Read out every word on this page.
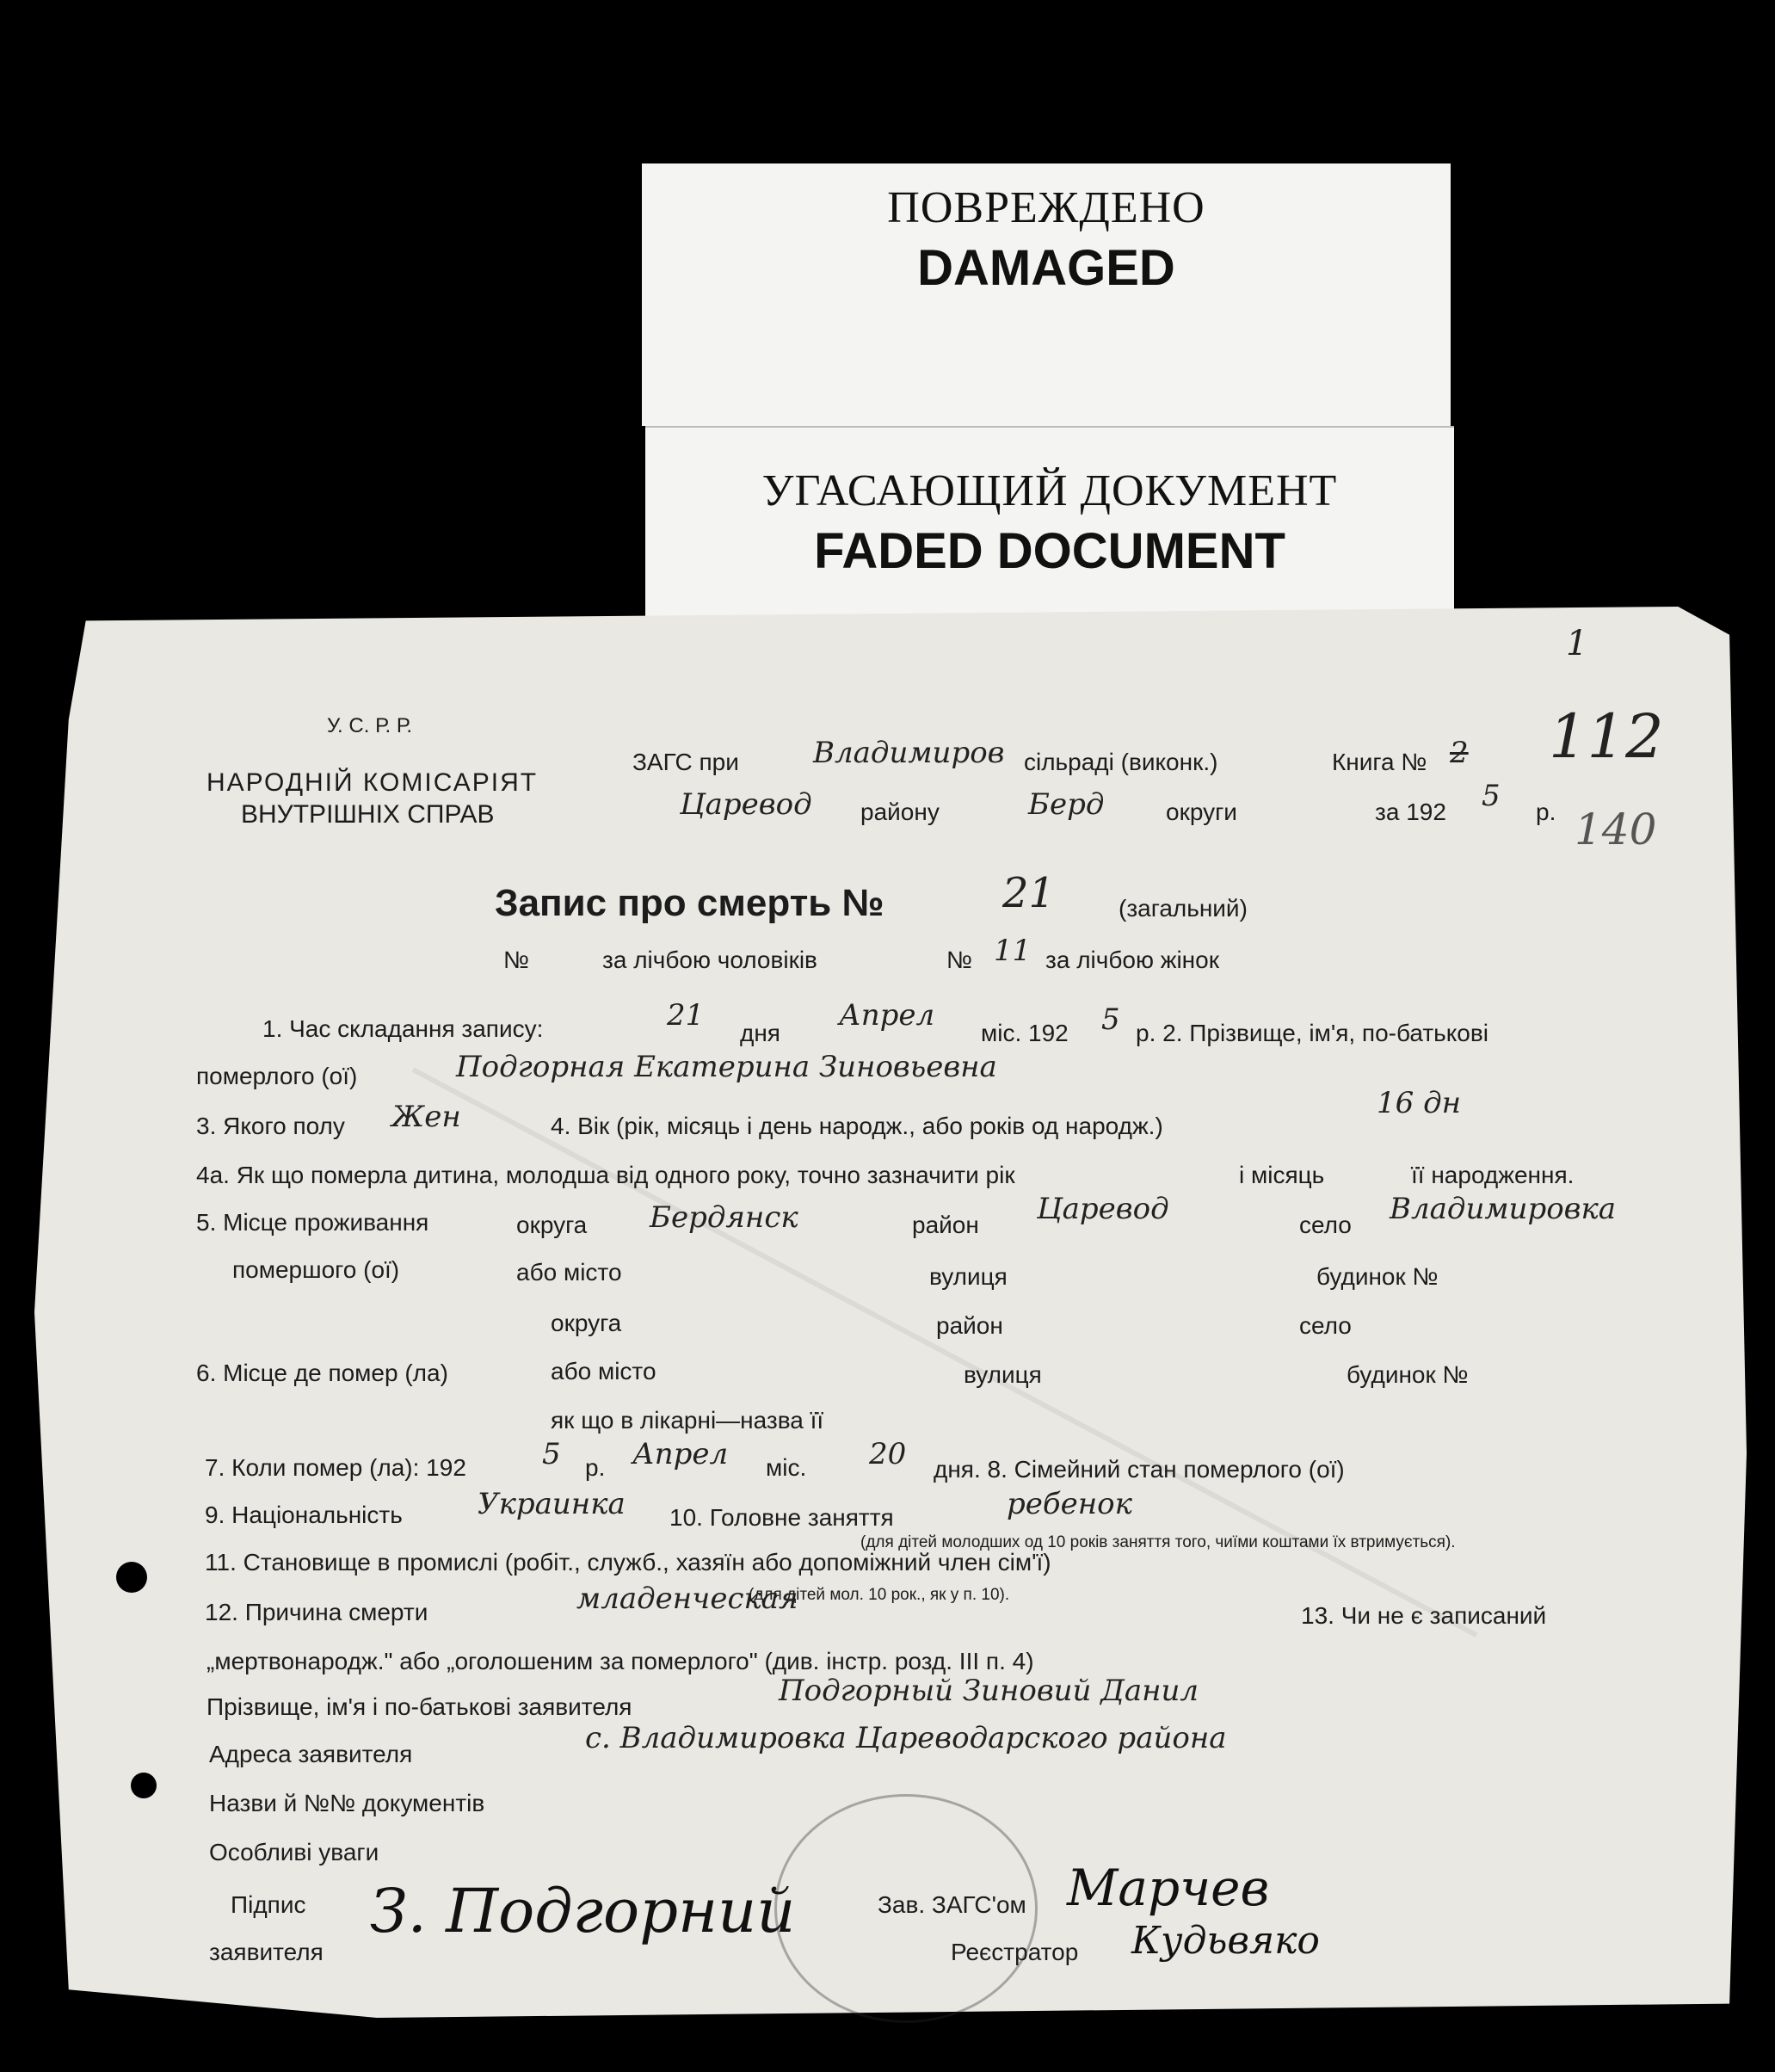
ПОВРЕЖДЕНО
DAMAGED
УГАСАЮЩИЙ ДОКУМЕНТ
FADED DOCUMENT
У. С. Р. Р.
НАРОДНІЙ КОМІСАРІЯТ
ВНУТРІШНІХ СПРАВ
ЗАГС при	Владимиров сільраді (виконк.)
Царевод району	Берд	округи
Книга № 2 112
1
за 192 5 р. 140
Запис про смерть №	21	(загальний)
№	за лічбою чоловіків	№ 11 за лічбою жінок
1. Час складання запису:	21
дня
Апрел
міс. 192 5 р. 2. Прізвище, ім'я, по-батькові
померлого (ої)	Подгорная Екатерина Зиновьевна
3. Якого полу Жен	4. Вік (рік, місяць і день народж., або років од народж.)
16 дн
4а. Як що померла дитина, молодша від одного року, точно зазначити рік	і місяць	її народження.
5. Місце проживання
помершого (ої)
округа Бердянск	район Царевод	село Владимировка
або місто	вулиця	будинок №
6. Місце де помер (ла)
округа	район	село
або місто	вулиця	будинок №
як що в лікарні—назва її
7. Коли помер (ла): 192	5 р. Апрел міс. 20 дня. 8. Сімейний стан померлого (ої)
9. Національність	Украинка 10. Головне заняття	ребенок
(для дітей молодших од 10 років заняття того, чиїми коштами їх втримується).
11. Становище в промислі (робіт., служб., хазяїн або допоміжний член сім'ї)
12. Причина смерти	младенческая
(для дітей мол. 10 рок., як у п. 10).
13. Чи не є записаний
„мертвонародж." або „оголошеним за померлого" (див. інстр. розд. III п. 4)
Прізвище, ім'я і по-батькові заявителя	Подгорный Зиновий Данил
Адреса заявителя	с. Владимировка Цареводарского района
Назви й №№ документів
Особливі уваги
Підпис
заявителя
З. Подгорний	Зав. ЗАГС'ом Марчев
Реєстратор Кудьвяко
